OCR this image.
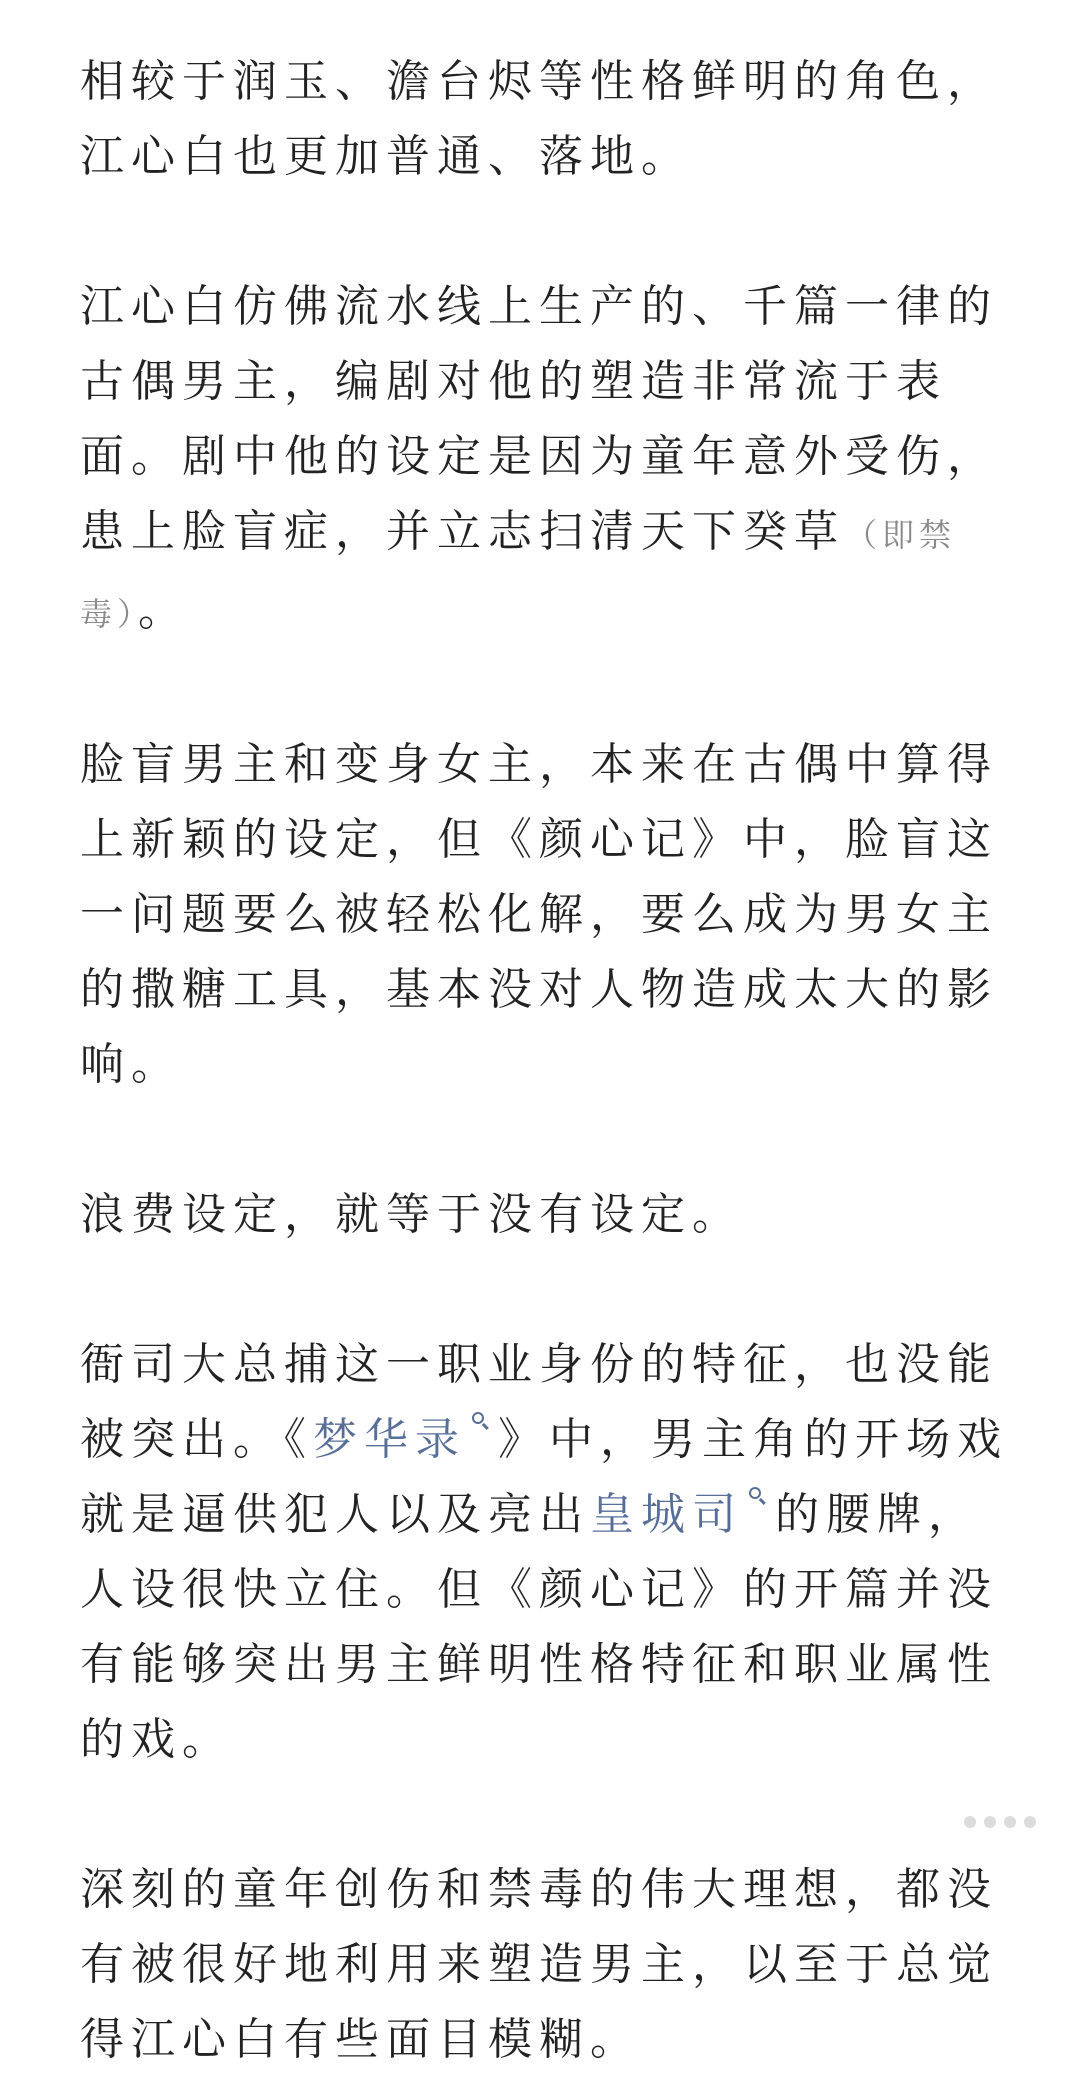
相较于润玉、澹台烬等性格鲜明的角色，江心白也更加普通、落地。

江心白仿佛流水线上生产的、千篇一律的古偶男主，编剧对他的塑造非常流于表面。剧中他的设定是因为童年意外受伤，患上脸盲症，并立志扫清天下癸草（即禁毒）。

脸盲男主和变身女主，本来在古偶中算得上新颖的设定，但《颜心记》中，脸盲这一问题要么被轻松化解，要么成为男女主的撒糖工具，基本没对人物造成太大的影响。

浪费设定，就等于没有设定。

衙司大总捕这一职业身份的特征，也没能被突出。《梦华录 》中，男主角的开场戏就是逼供犯人以及亮出皇城司 的腰牌，人设很快立住。但《颜心记》的开篇并没有能够突出男主鲜明性格特征和职业属性的戏。

深刻的童年创伤和禁毒的伟大理想，都没有被很好地利用来塑造男主，以至于总觉得江心白有些面目模糊。
